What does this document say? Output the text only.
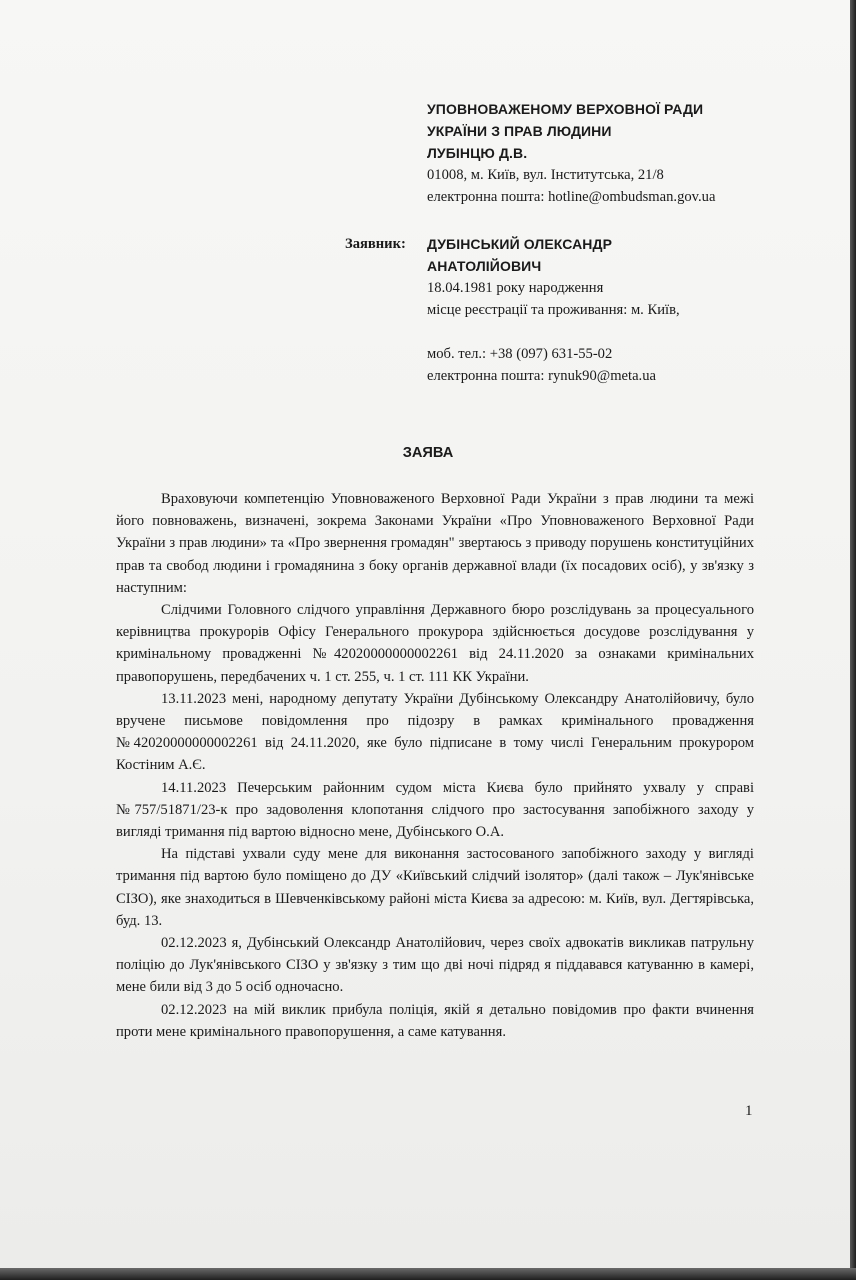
УПОВНОВАЖЕНОМУ ВЕРХОВНОЇ РАДИ
УКРАЇНИ З ПРАВ ЛЮДИНИ
ЛУБІНЦЮ Д.В.
01008, м. Київ, вул. Інститутська, 21/8
електронна пошта: hotline@ombudsman.gov.ua
Заявник: ДУБІНСЬКИЙ ОЛЕКСАНДР
АНАТОЛІЙОВИЧ
18.04.1981 року народження
місце реєстрації та проживання: м. Київ,
моб. тел.: +38 (097) 631-55-02
електронна пошта: rynuk90@meta.ua
ЗАЯВА

Враховуючи компетенцію Уповноваженого Верховної Ради України з прав людини та межі його повноважень, визначені, зокрема Законами України «Про Уповноваженого Верховної Ради України з прав людини» та «Про звернення громадян" звертаюсь з приводу порушень конституційних прав та свобод людини і громадянина з боку органів державної влади (їх посадових осіб), у зв'язку з наступним:

Слідчими Головного слідчого управління Державного бюро розслідувань за процесуального керівництва прокурорів Офісу Генерального прокурора здійснюється досудове розслідування у кримінальному провадженні №42020000000002261 від 24.11.2020 за ознаками кримінальних правопорушень, передбачених ч. 1 ст. 255, ч. 1 ст. 111 КК України.

13.11.2023 мені, народному депутату України Дубінському Олександру Анатолійовичу, було вручене письмове повідомлення про підозру в рамках кримінального провадження №42020000000002261 від 24.11.2020, яке було підписане в тому числі Генеральним прокурором Костіним А.Є.

14.11.2023 Печерським районним судом міста Києва було прийнято ухвалу у справі №757/51871/23-к про задоволення клопотання слідчого про застосування запобіжного заходу у вигляді тримання під вартою відносно мене, Дубінського О.А.

На підставі ухвали суду мене для виконання застосованого запобіжного заходу у вигляді тримання під вартою було поміщено до ДУ «Київський слідчий ізолятор» (далі також – Лук'янівське СІЗО), яке знаходиться в Шевченківському районі міста Києва за адресою: м. Київ, вул. Дегтярівська, буд. 13.

02.12.2023 я, Дубінський Олександр Анатолійович, через своїх адвокатів викликав патрульну поліцію до Лук'янівського СІЗО у зв'язку з тим що дві ночі підряд я піддавався катуванню в камері, мене били від 3 до 5 осіб одночасно.

02.12.2023 на мій виклик прибула поліція, якій я детально повідомив про факти вчинення проти мене кримінального правопорушення, а саме катування.

1
